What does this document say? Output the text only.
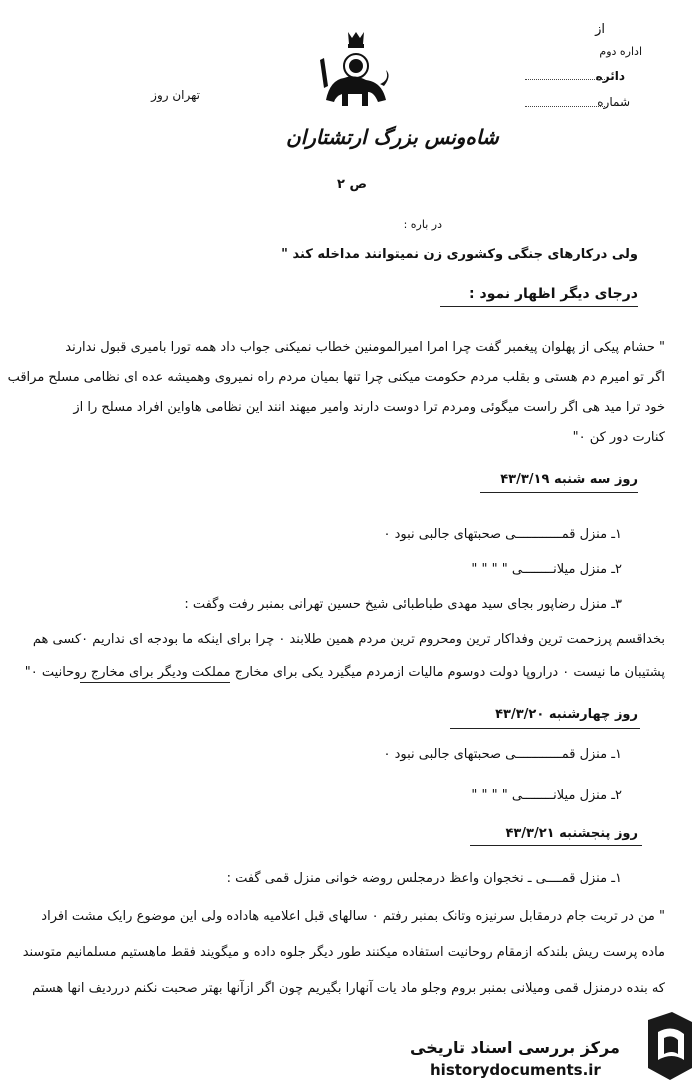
از
اداره دوم
دائره
شماره
تهران روز
شاه‌ونس بزرگ ارتشتاران
ص ۲
در باره :
ولی درکارهای جنگی وکشوری زن نمیتوانند مداخله کند "
درجای دیگر اظهار نمود :
" حشام پیکی از پهلوان پیغمبر گفت چرا امرا امیرالمومنین خطاب نمیکنی جواب داد همه تورا بامیری قبول ندارند
اگر تو امیرم دم هستی و بقلب مردم حکومت میکنی چرا تنها بمیان مردم راه نمیروی وهمیشه عده ای نظامی مسلح مراقب
خود ترا مید هی اگر راست میگوئی ومردم ترا دوست دارند وامیر میهند انند این نظامی هاواین افراد مسلح را از
کنارت دور کن ۰"
روز سه شنبه ۴۳/۳/۱۹
۱ـ منزل قمــــــــــــی صحبتهای جالبی نبود ۰
۲ـ منزل میلانــــــــی " " " "
۳ـ منزل رضاپور بجای سید مهدی طباطبائی شیخ حسین تهرانی بمنبر رفت وگفت :
بخداقسم پرزحمت ترین وفداکار ترین ومحروم ترین مردم همین طلابند ۰ چرا برای اینکه ما بودجه ای نداریم ۰کسی هم
پشتیبان ما نیست ۰ دراروپا دولت دوسوم مالیات ازمردم میگیرد یکی برای مخارج مملکت ودیگر برای مخارج روحانیت ۰"
روز چهارشنبه ۴۳/۳/۲۰
۱ـ منزل قمــــــــــــی صحبتهای جالبی نبود ۰
۲ـ منزل میلانــــــــی " " " "
روز پنجشنبه ۴۳/۳/۲۱
۱ـ منزل قمــــی ـ نخجوان واعظ درمجلس روضه خوانی منزل قمی گفت :
" من در تربت جام درمقابل سرنیزه وتانک بمنبر رفتم ۰ سالهای قبل اعلامیه هاداده ولی این موضوع رایک مشت افراد
ماده پرست ریش بلندکه ازمقام روحانیت استفاده میکنند طور دیگر جلوه داده و میگویند فقط ماهستیم مسلمانیم متوسند
که بنده درمنزل قمی ومیلانی بمنبر بروم وجلو ماد یات آنهارا بگیریم چون اگر ازآنها بهتر صحبت نکنم درردیف انها هستم
مرکز بررسی اسناد تاریخی
historydocuments.ir
